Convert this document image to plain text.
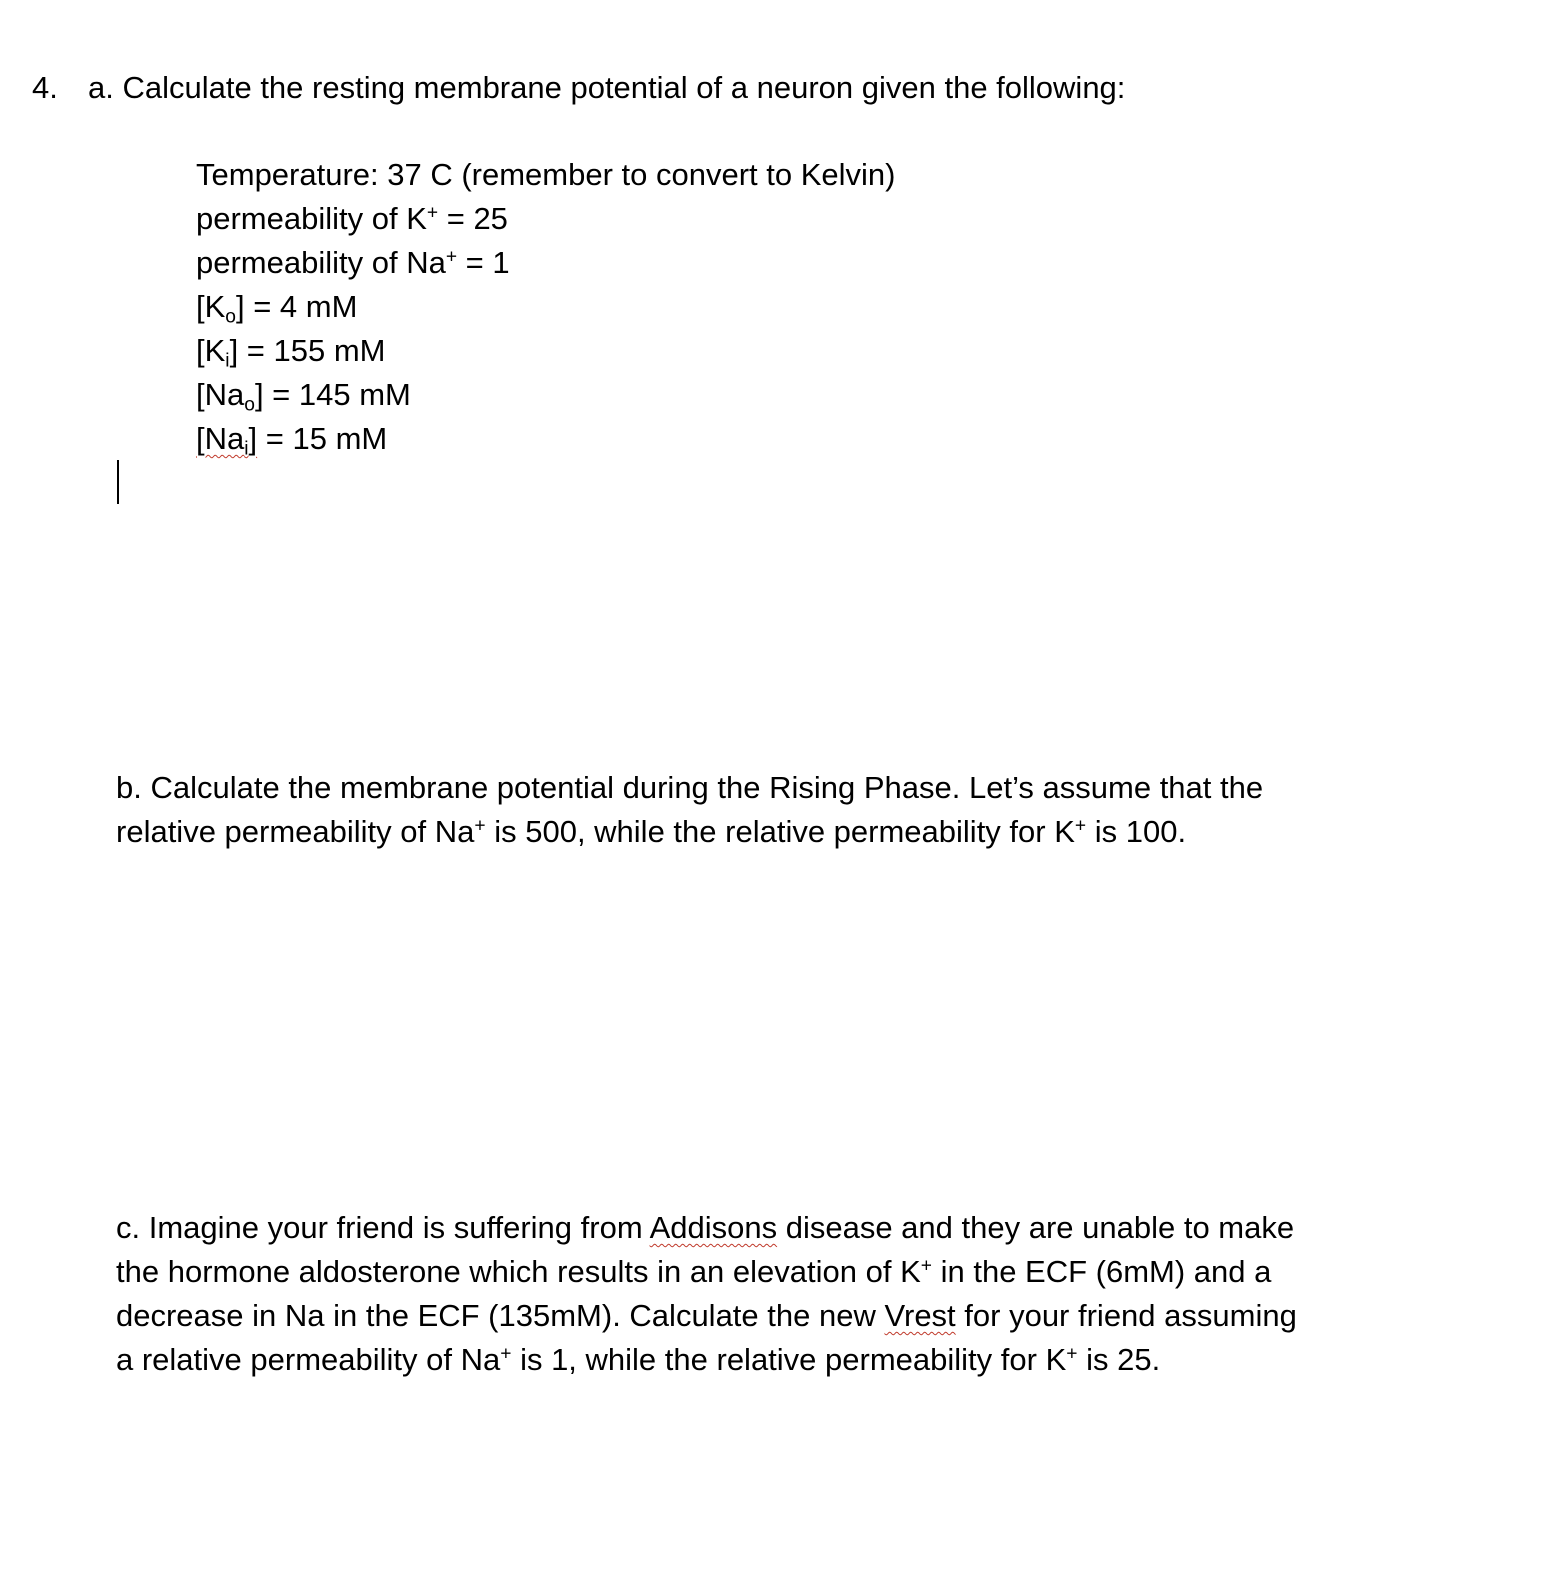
4. a. Calculate the resting membrane potential of a neuron given the following:
Temperature: 37 C (remember to convert to Kelvin)
permeability of K+ = 25
permeability of Na+ = 1
$[K_o] = 4$ mM
$[K_i] = 155$ mM
$[Na_o] = 145$ mM
$[Na_i] = 15$ mM
b. Calculate the membrane potential during the Rising Phase. Let’s assume that the
relative permeability of Na+ is 500, while the relative permeability for K+ is 100.
c. Imagine your friend is suffering from Addisons disease and they are unable to make
the hormone aldosterone which results in an elevation of K+ in the ECF (6mM) and a
decrease in Na in the ECF (135mM). Calculate the new Vrest for your friend assuming
a relative permeability of Na+ is 1, while the relative permeability for K+ is 25.
